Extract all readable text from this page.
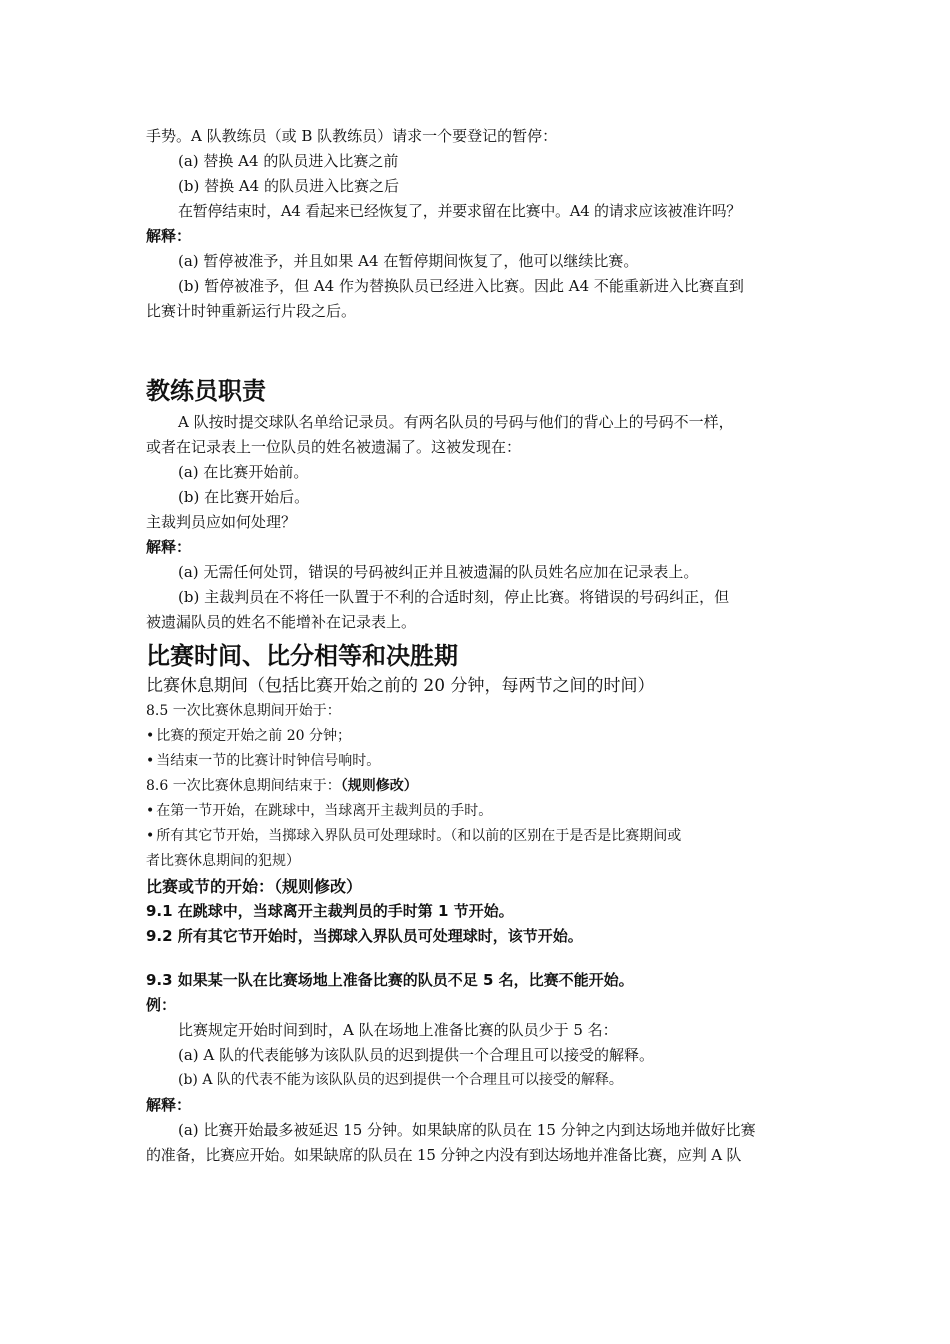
手势。A 队教练员（或 B 队教练员）请求一个要登记的暂停：

(a) 替换 A4 的队员进入比赛之前

(b) 替换 A4 的队员进入比赛之后

在暂停结束时，A4 看起来已经恢复了，并要求留在比赛中。A4 的请求应该被准许吗？

解释：

(a) 暂停被准予，并且如果 A4 在暂停期间恢复了，他可以继续比赛。

(b) 暂停被准予，但 A4 作为替换队员已经进入比赛。因此 A4 不能重新进入比赛直到

比赛计时钟重新运行片段之后。

教练员职责

A 队按时提交球队名单给记录员。有两名队员的号码与他们的背心上的号码不一样，

或者在记录表上一位队员的姓名被遗漏了。这被发现在：

(a) 在比赛开始前。

(b) 在比赛开始后。

主裁判员应如何处理？

解释：

(a) 无需任何处罚，错误的号码被纠正并且被遗漏的队员姓名应加在记录表上。

(b) 主裁判员在不将任一队置于不利的合适时刻，停止比赛。将错误的号码纠正，但

被遗漏队员的姓名不能增补在记录表上。

比赛时间、比分相等和决胜期

比赛休息期间（包括比赛开始之前的 20 分钟，每两节之间的时间）

8.5 一次比赛休息期间开始于：

• 比赛的预定开始之前 20 分钟；

• 当结束一节的比赛计时钟信号响时。

8.6 一次比赛休息期间结束于：（规则修改）

• 在第一节开始，在跳球中，当球离开主裁判员的手时。

• 所有其它节开始，当掷球入界队员可处理球时。（和以前的区别在于是否是比赛期间或

者比赛休息期间的犯规）

比赛或节的开始：（规则修改）

9.1 在跳球中，当球离开主裁判员的手时第 1 节开始。

9.2 所有其它节开始时，当掷球入界队员可处理球时，该节开始。

9.3 如果某一队在比赛场地上准备比赛的队员不足 5 名，比赛不能开始。

例：

比赛规定开始时间到时，A 队在场地上准备比赛的队员少于 5 名：

(a) A 队的代表能够为该队队员的迟到提供一个合理且可以接受的解释。

(b) A 队的代表不能为该队队员的迟到提供一个合理且可以接受的解释。

解释：

(a) 比赛开始最多被延迟 15 分钟。如果缺席的队员在 15 分钟之内到达场地并做好比赛

的准备，比赛应开始。如果缺席的队员在 15 分钟之内没有到达场地并准备比赛，应判 A 队
